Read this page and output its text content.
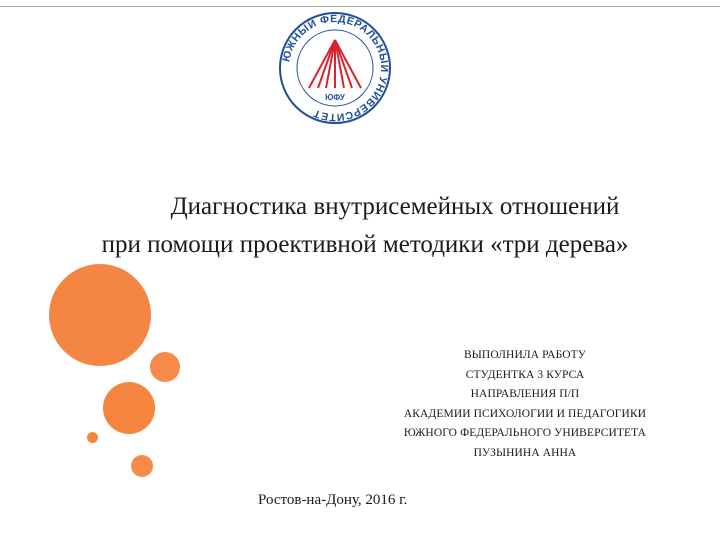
ЮЖНЫЙ ФЕДЕРАЛЬНЫЙ УНИВЕРСИТЕТ
ЮФУ
Диагностика внутрисемейных отношений
при помощи проективной методики «три дерева»
ВЫПОЛНИЛА РАБОТУ
СТУДЕНТКА 3 КУРСА
НАПРАВЛЕНИЯ П/П
АКАДЕМИИ ПСИХОЛОГИИ И ПЕДАГОГИКИ
ЮЖНОГО ФЕДЕРАЛЬНОГО УНИВЕРСИТЕТА
ПУЗЫНИНА АННА
Ростов-на-Дону, 2016 г.
